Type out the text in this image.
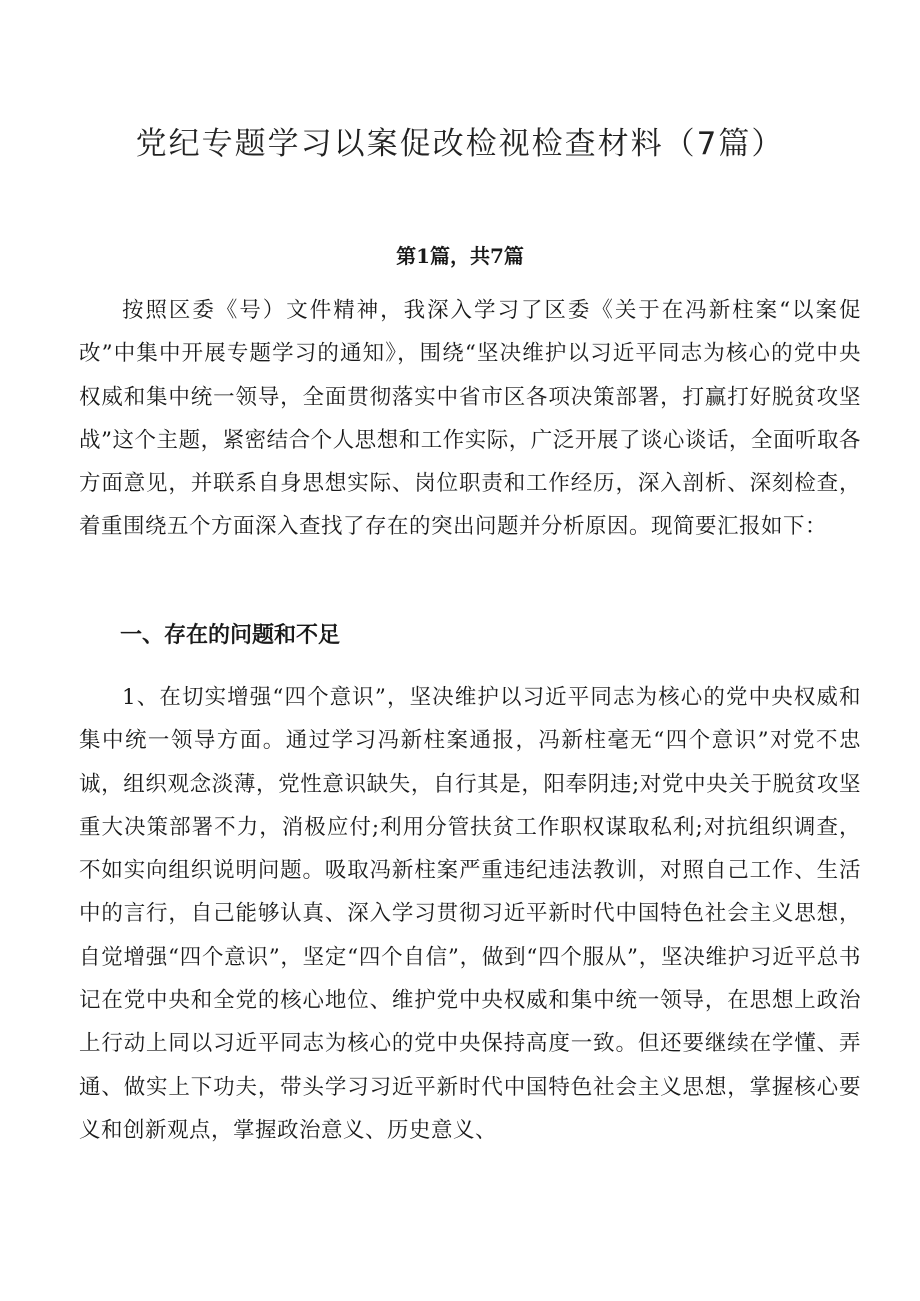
党纪专题学习以案促改检视检查材料（7篇）
第1篇，共7篇

按照区委《号）文件精神，我深入学习了区委《关于在冯新柱案“以案促改”中集中开展专题学习的通知》，围绕“坚决维护以习近平同志为核心的党中央权威和集中统一领导，全面贯彻落实中省市区各项决策部署，打赢打好脱贫攻坚战”这个主题，紧密结合个人思想和工作实际，广泛开展了谈心谈话，全面听取各方面意见，并联系自身思想实际、岗位职责和工作经历，深入剖析、深刻检查，着重围绕五个方面深入查找了存在的突出问题并分析原因。现简要汇报如下：

一、存在的问题和不足

1、在切实增强“四个意识”，坚决维护以习近平同志为核心的党中央权威和集中统一领导方面。通过学习冯新柱案通报，冯新柱毫无“四个意识”对党不忠诚，组织观念淡薄，党性意识缺失，自行其是，阳奉阴违;对党中央关于脱贫攻坚重大决策部署不力，消极应付;利用分管扶贫工作职权谋取私利;对抗组织调查，不如实向组织说明问题。吸取冯新柱案严重违纪违法教训，对照自己工作、生活中的言行，自己能够认真、深入学习贯彻习近平新时代中国特色社会主义思想，自觉增强“四个意识”，坚定“四个自信”，做到“四个服从”，坚决维护习近平总书记在党中央和全党的核心地位、维护党中央权威和集中统一领导，在思想上政治上行动上同以习近平同志为核心的党中央保持高度一致。但还要继续在学懂、弄通、做实上下功夫，带头学习习近平新时代中国特色社会主义思想，掌握核心要义和创新观点，掌握政治意义、历史意义、
